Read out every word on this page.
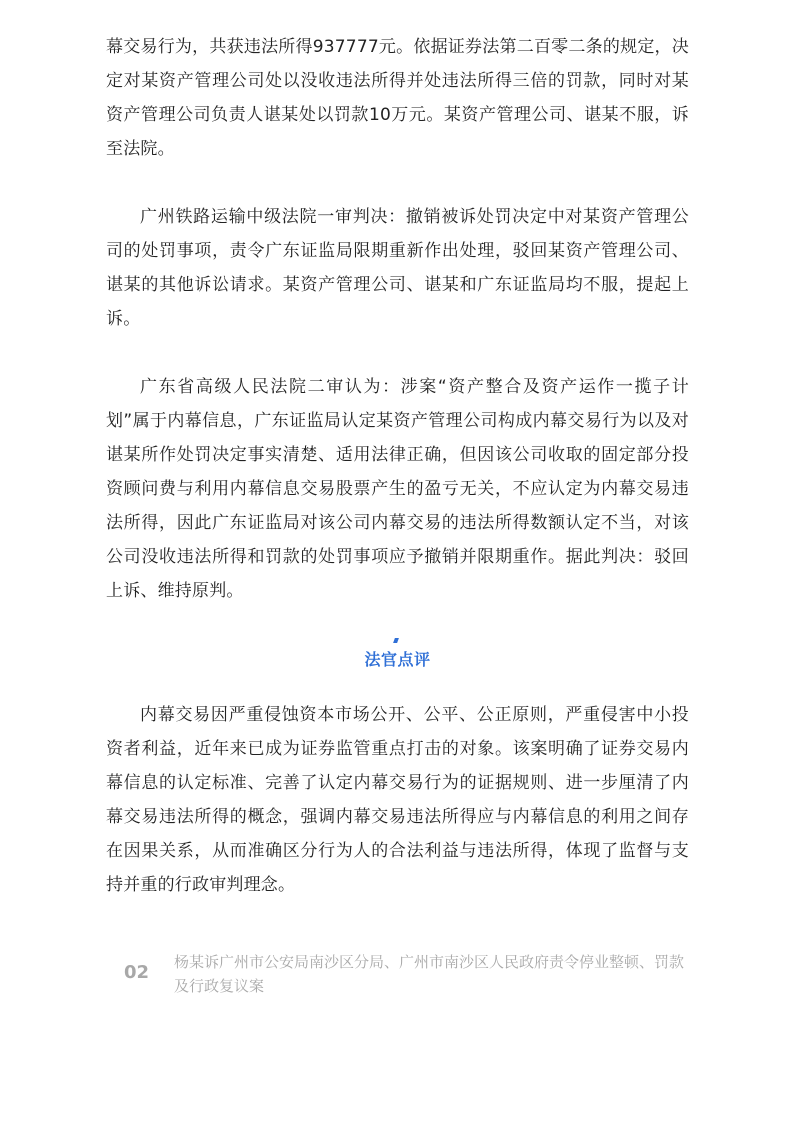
幕交易行为，共获违法所得937777元。依据证券法第二百零二条的规定，决定对某资产管理公司处以没收违法所得并处违法所得三倍的罚款，同时对某资产管理公司负责人谌某处以罚款10万元。某资产管理公司、谌某不服，诉至法院。

广州铁路运输中级法院一审判决：撤销被诉处罚决定中对某资产管理公司的处罚事项，责令广东证监局限期重新作出处理，驳回某资产管理公司、谌某的其他诉讼请求。某资产管理公司、谌某和广东证监局均不服，提起上诉。

广东省高级人民法院二审认为：涉案“资产整合及资产运作一揽子计划”属于内幕信息，广东证监局认定某资产管理公司构成内幕交易行为以及对谌某所作处罚决定事实清楚、适用法律正确，但因该公司收取的固定部分投资顾问费与利用内幕信息交易股票产生的盈亏无关，不应认定为内幕交易违法所得，因此广东证监局对该公司内幕交易的违法所得数额认定不当，对该公司没收违法所得和罚款的处罚事项应予撤销并限期重作。据此判决：驳回上诉、维持原判。

法官点评

内幕交易因严重侵蚀资本市场公开、公平、公正原则，严重侵害中小投资者利益，近年来已成为证券监管重点打击的对象。该案明确了证券交易内幕信息的认定标准、完善了认定内幕交易行为的证据规则、进一步厘清了内幕交易违法所得的概念，强调内幕交易违法所得应与内幕信息的利用之间存在因果关系，从而准确区分行为人的合法利益与违法所得，体现了监督与支持并重的行政审判理念。

02	杨某诉广州市公安局南沙区分局、广州市南沙区人民政府责令停业整顿、罚款及行政复议案
